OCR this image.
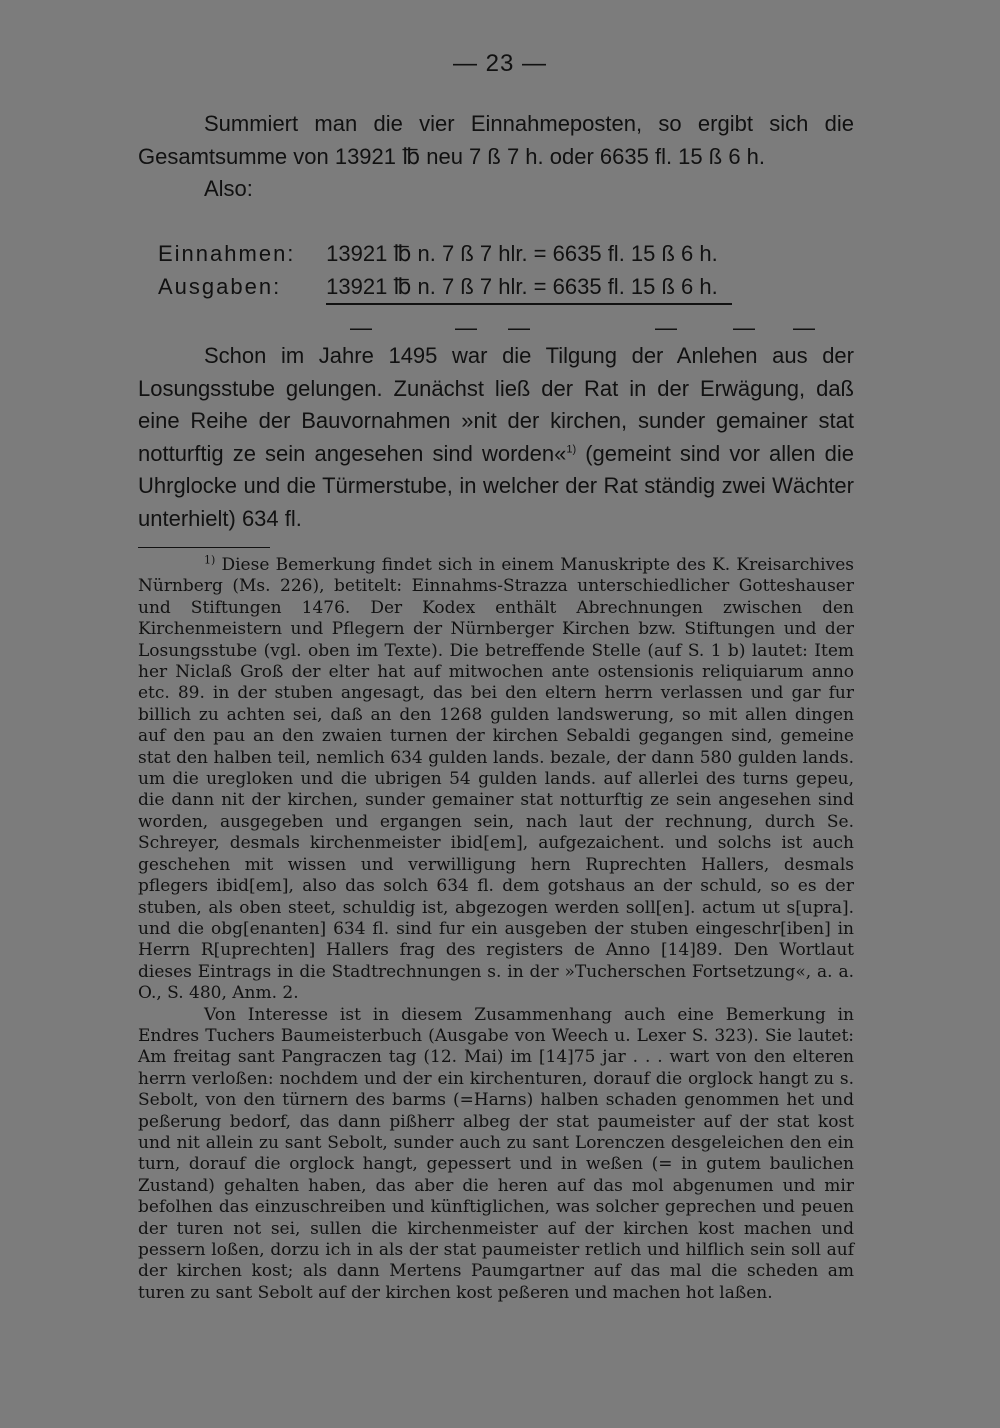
— 23 —

Summiert man die vier Einnahmeposten, so ergibt sich die Gesamtsumme von 13921 ℔ neu 7 ß 7 h. oder 6635 fl. 15 ß 6 h.

Also:

Einnahmen: 13921 ℔ n. 7 ß 7 hlr. = 6635 fl. 15 ß 6 h.
Ausgaben: 13921 ℔ n. 7 ß 7 hlr. = 6635 fl. 15 ß 6 h.
—	— —	—	— —

Schon im Jahre 1495 war die Tilgung der Anlehen aus der Losungsstube gelungen. Zunächst ließ der Rat in der Erwägung, daß eine Reihe der Bauvornahmen »nit der kirchen, sunder gemainer stat notturftig ze sein angesehen sind worden«$^{1)}$ (gemeint sind vor allen die Uhrglocke und die Türmerstube, in welcher der Rat ständig zwei Wächter unterhielt) 634 fl.

$^{1)}$ Diese Bemerkung findet sich in einem Manuskripte des K. Kreisarchives Nürnberg (Ms. 226), betitelt: Einnahms-Strazza unterschiedlicher Gotteshauser und Stiftungen 1476. Der Kodex enthält Abrechnungen zwischen den Kirchenmeistern und Pflegern der Nürnberger Kirchen bzw. Stiftungen und der Losungsstube (vgl. oben im Texte). Die betreffende Stelle (auf S. 1 b) lautet: Item her Niclaß Groß der elter hat auf mitwochen ante ostensionis reliquiarum anno etc. 89. in der stuben angesagt, das bei den eltern herrn verlassen und gar fur billich zu achten sei, daß an den 1268 gulden landswerung, so mit allen dingen auf den pau an den zwaien turnen der kirchen Sebaldi gegangen sind, gemeine stat den halben teil, nemlich 634 gulden lands. bezale, der dann 580 gulden lands. um die uregloken und die ubrigen 54 gulden lands. auf allerlei des turns gepeu, die dann nit der kirchen, sunder gemainer stat notturftig ze sein angesehen sind worden, ausgegeben und ergangen sein, nach laut der rechnung, durch Se. Schreyer, desmals kirchenmeister ibid[em], aufgezaichent. und solchs ist auch geschehen mit wissen und verwilligung hern Ruprechten Hallers, desmals pflegers ibid[em], also das solch 634 fl. dem gotshaus an der schuld, so es der stuben, als oben steet, schuldig ist, abgezogen werden soll[en]. actum ut s[upra]. und die obg[enanten] 634 fl. sind fur ein ausgeben der stuben eingeschr[iben] in Herrn R[uprechten] Hallers frag des registers de Anno [14]89. Den Wortlaut dieses Eintrags in die Stadtrechnungen s. in der »Tucherschen Fortsetzung«, a. a. O., S. 480, Anm. 2.

Von Interesse ist in diesem Zusammenhang auch eine Bemerkung in Endres Tuchers Baumeisterbuch (Ausgabe von Weech u. Lexer S. 323). Sie lautet: Am freitag sant Pangraczen tag (12. Mai) im [14]75 jar . . . wart von den elteren herrn verloßen: nochdem und der ein kirchenturen, dorauf die orglock hangt zu s. Sebolt, von den türnern des barms (=Harns) halben schaden genommen het und peßerung bedorf, das dann pißherr albeg der stat paumeister auf der stat kost und nit allein zu sant Sebolt, sunder auch zu sant Lorenczen desgeleichen den ein turn, dorauf die orglock hangt, gepessert und in weßen (= in gutem baulichen Zustand) gehalten haben, das aber die heren auf das mol abgenumen und mir befolhen das einzuschreiben und künftiglichen, was solcher geprechen und peuen der turen not sei, sullen die kirchenmeister auf der kirchen kost machen und pessern loßen, dorzu ich in als der stat paumeister retlich und hilflich sein soll auf der kirchen kost; als dann Mertens Paumgartner auf das mal die scheden am turen zu sant Sebolt auf der kirchen kost peßeren und machen hot laßen.
